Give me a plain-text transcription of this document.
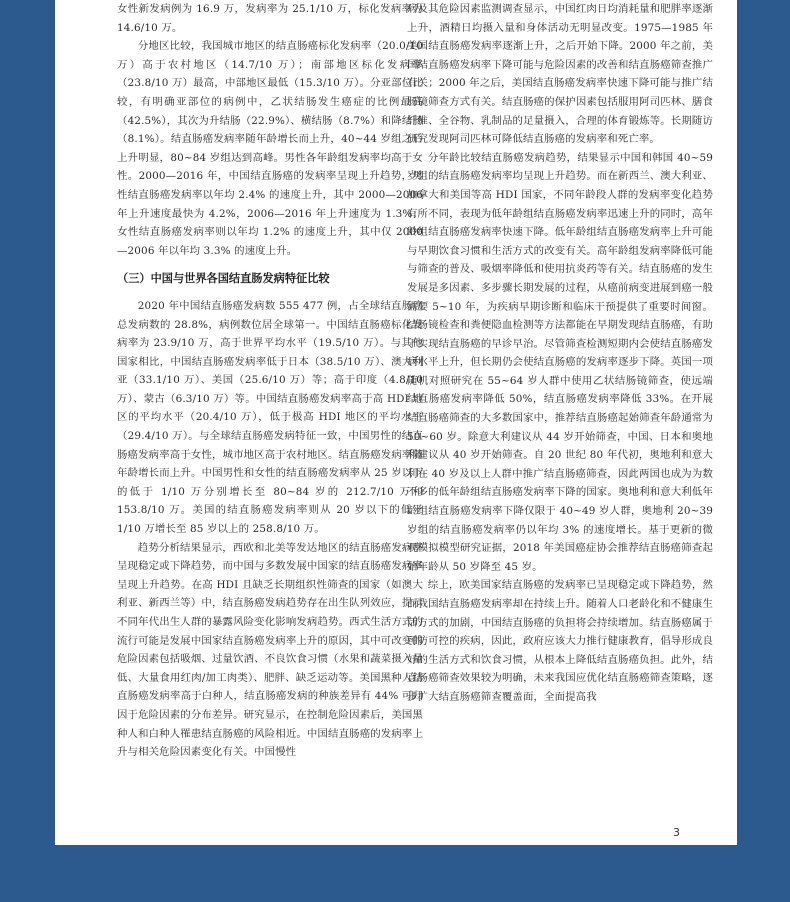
女性新发病例为 16.9 万，发病率为 25.1/10 万，标化发病率为 14.6/10 万。

分地区比较，我国城市地区的结直肠癌标化发病率（20.0/10 万）高于农村地区（14.7/10 万）；南部地区标化发病率（23.8/10 万）最高，中部地区最低（15.3/10 万）。分亚部位比较，有明确亚部位的病例中，乙状结肠发生癌症的比例最高（42.5%），其次为升结肠（22.9%）、横结肠（8.7%）和降结肠（8.1%）。结直肠癌发病率随年龄增长而上升，40~44 岁组之后上升明显，80~84 岁组达到高峰。男性各年龄组发病率均高于女性。2000—2016 年，中国结直肠癌的发病率呈现上升趋势，男性结直肠癌发病率以年均 2.4% 的速度上升，其中 2000—2006 年上升速度最快为 4.2%，2006—2016 年上升速度为 1.3%；女性结直肠癌发病率则以年均 1.2% 的速度上升，其中仅 2000—2006 年以年均 3.3% 的速度上升。

（三）中国与世界各国结直肠发病特征比较

2020 年中国结直肠癌发病数 555 477 例，占全球结直肠癌总发病数的 28.8%，病例数位居全球第一。中国结直肠癌标化发病率为 23.9/10 万，高于世界平均水平（19.5/10 万）。与其他国家相比，中国结直肠癌发病率低于日本（38.5/10 万）、澳大利亚（33.1/10 万）、美国（25.6/10 万）等；高于印度（4.8/10 万）、蒙古（6.3/10 万）等。中国结直肠癌发病率高于高 HDI 地区的平均水平（20.4/10 万），低于极高 HDI 地区的平均水平（29.4/10 万）。与全球结直肠癌发病特征一致，中国男性的结直肠癌发病率高于女性，城市地区高于农村地区。结直肠癌发病率随年龄增长而上升。中国男性和女性的结直肠癌发病率从 25 岁以下的低于 1/10 万分别增长至 80~84 岁的 212.7/10 万和 153.8/10 万。美国的结直肠癌发病率则从 20 岁以下的低于 1/10 万增长至 85 岁以上的 258.8/10 万。

趋势分析结果显示，西欧和北美等发达地区的结直肠癌发病率呈现稳定或下降趋势，而中国与多数发展中国家的结直肠癌发病率呈现上升趋势。在高 HDI 且缺乏长期组织性筛查的国家（如澳大利亚、新西兰等）中，结直肠癌发病趋势存在出生队列效应，提示不同年代出生人群的暴露风险变化影响发病趋势。西式生活方式的流行可能是发展中国家结直肠癌发病率上升的原因，其中可改变的危险因素包括吸烟、过量饮酒、不良饮食习惯（水果和蔬菜摄入量低、大量食用红肉/加工肉类）、肥胖、缺乏运动等。美国黑种人结直肠癌发病率高于白种人，结直肠癌发病的种族差异有 44% 可归因于危险因素的分布差异。研究显示，在控制危险因素后，美国黑种人和白种人罹患结直肠癌的风险相近。中国结直肠癌的发病率上升与相关危险因素变化有关。中国慢性

病及其危险因素监测调查显示，中国红肉日均消耗量和肥胖率逐渐上升，酒精日均摄入量和身体活动无明显改变。1975—1985 年美国结直肠癌发病率逐渐上升，之后开始下降。2000 年之前，美国结直肠癌发病率下降可能与危险因素的改善和结直肠癌筛查推广有关；2000 年之后，美国结直肠癌发病率快速下降可能与推广结肠镜筛查方式有关。结直肠癌的保护因素包括服用阿司匹林、膳食纤维、全谷物、乳制品的足量摄入，合理的体育锻炼等。长期随访研究发现阿司匹林可降低结直肠癌的发病率和死亡率。

分年龄比较结直肠癌发病趋势，结果显示中国和韩国 40~59 岁组的结直肠癌发病率均呈现上升趋势。而在新西兰、澳大利亚、加拿大和美国等高 HDI 国家，不同年龄段人群的发病率变化趋势有所不同，表现为低年龄组结直肠癌发病率迅速上升的同时，高年龄组结直肠癌发病率快速下降。低年龄组结直肠癌发病率上升可能与早期饮食习惯和生活方式的改变有关。高年龄组发病率降低可能与筛查的普及、吸烟率降低和使用抗炎药等有关。结直肠癌的发生发展是多因素、多步骤长期发展的过程，从癌前病变进展到癌一般需要 5~10 年，为疾病早期诊断和临床干预提供了重要时间窗。结肠镜检查和粪便隐血检测等方法都能在早期发现结直肠癌，有助于实现结直肠癌的早诊早治。尽管筛查检测短期内会使结直肠癌发病水平上升，但长期仍会使结直肠癌的发病率逐步下降。英国一项随机对照研究在 55~64 岁人群中使用乙状结肠镜筛查，使远端结直肠癌发病率降低 50%，结直肠癌发病率降低 33%。在开展结直肠癌筛查的大多数国家中，推荐结直肠癌起始筛查年龄通常为 50~60 岁。除意大利建议从 44 岁开始筛查，中国、日本和奥地利建议从 40 岁开始筛查。自 20 世纪 80 年代初，奥地利和意大利在 40 岁及以上人群中推广结直肠癌筛查，因此两国也成为为数不多的低年龄组结直肠癌发病率下降的国家。奥地利和意大利低年龄组结直肠癌发病率下降仅限于 40~49 岁人群，奥地利 20~39 岁组的结直肠癌发病率仍以年均 3% 的速度增长。基于更新的微观模拟模型研究证据，2018 年美国癌症协会推荐结直肠癌筛查起始年龄从 50 岁降至 45 岁。

综上，欧美国家结直肠癌的发病率已呈现稳定或下降趋势，然而我国结直肠癌发病率却在持续上升。随着人口老龄化和不健康生活方式的加剧，中国结直肠癌的负担将会持续增加。结直肠癌属于可防可控的疾病，因此，政府应该大力推行健康教育，倡导形成良好的生活方式和饮食习惯，从根本上降低结直肠癌负担。此外，结直肠癌筛查效果较为明确，未来我国应优化结直肠癌筛查策略，逐步扩大结直肠癌筛查覆盖面，全面提高我

3
